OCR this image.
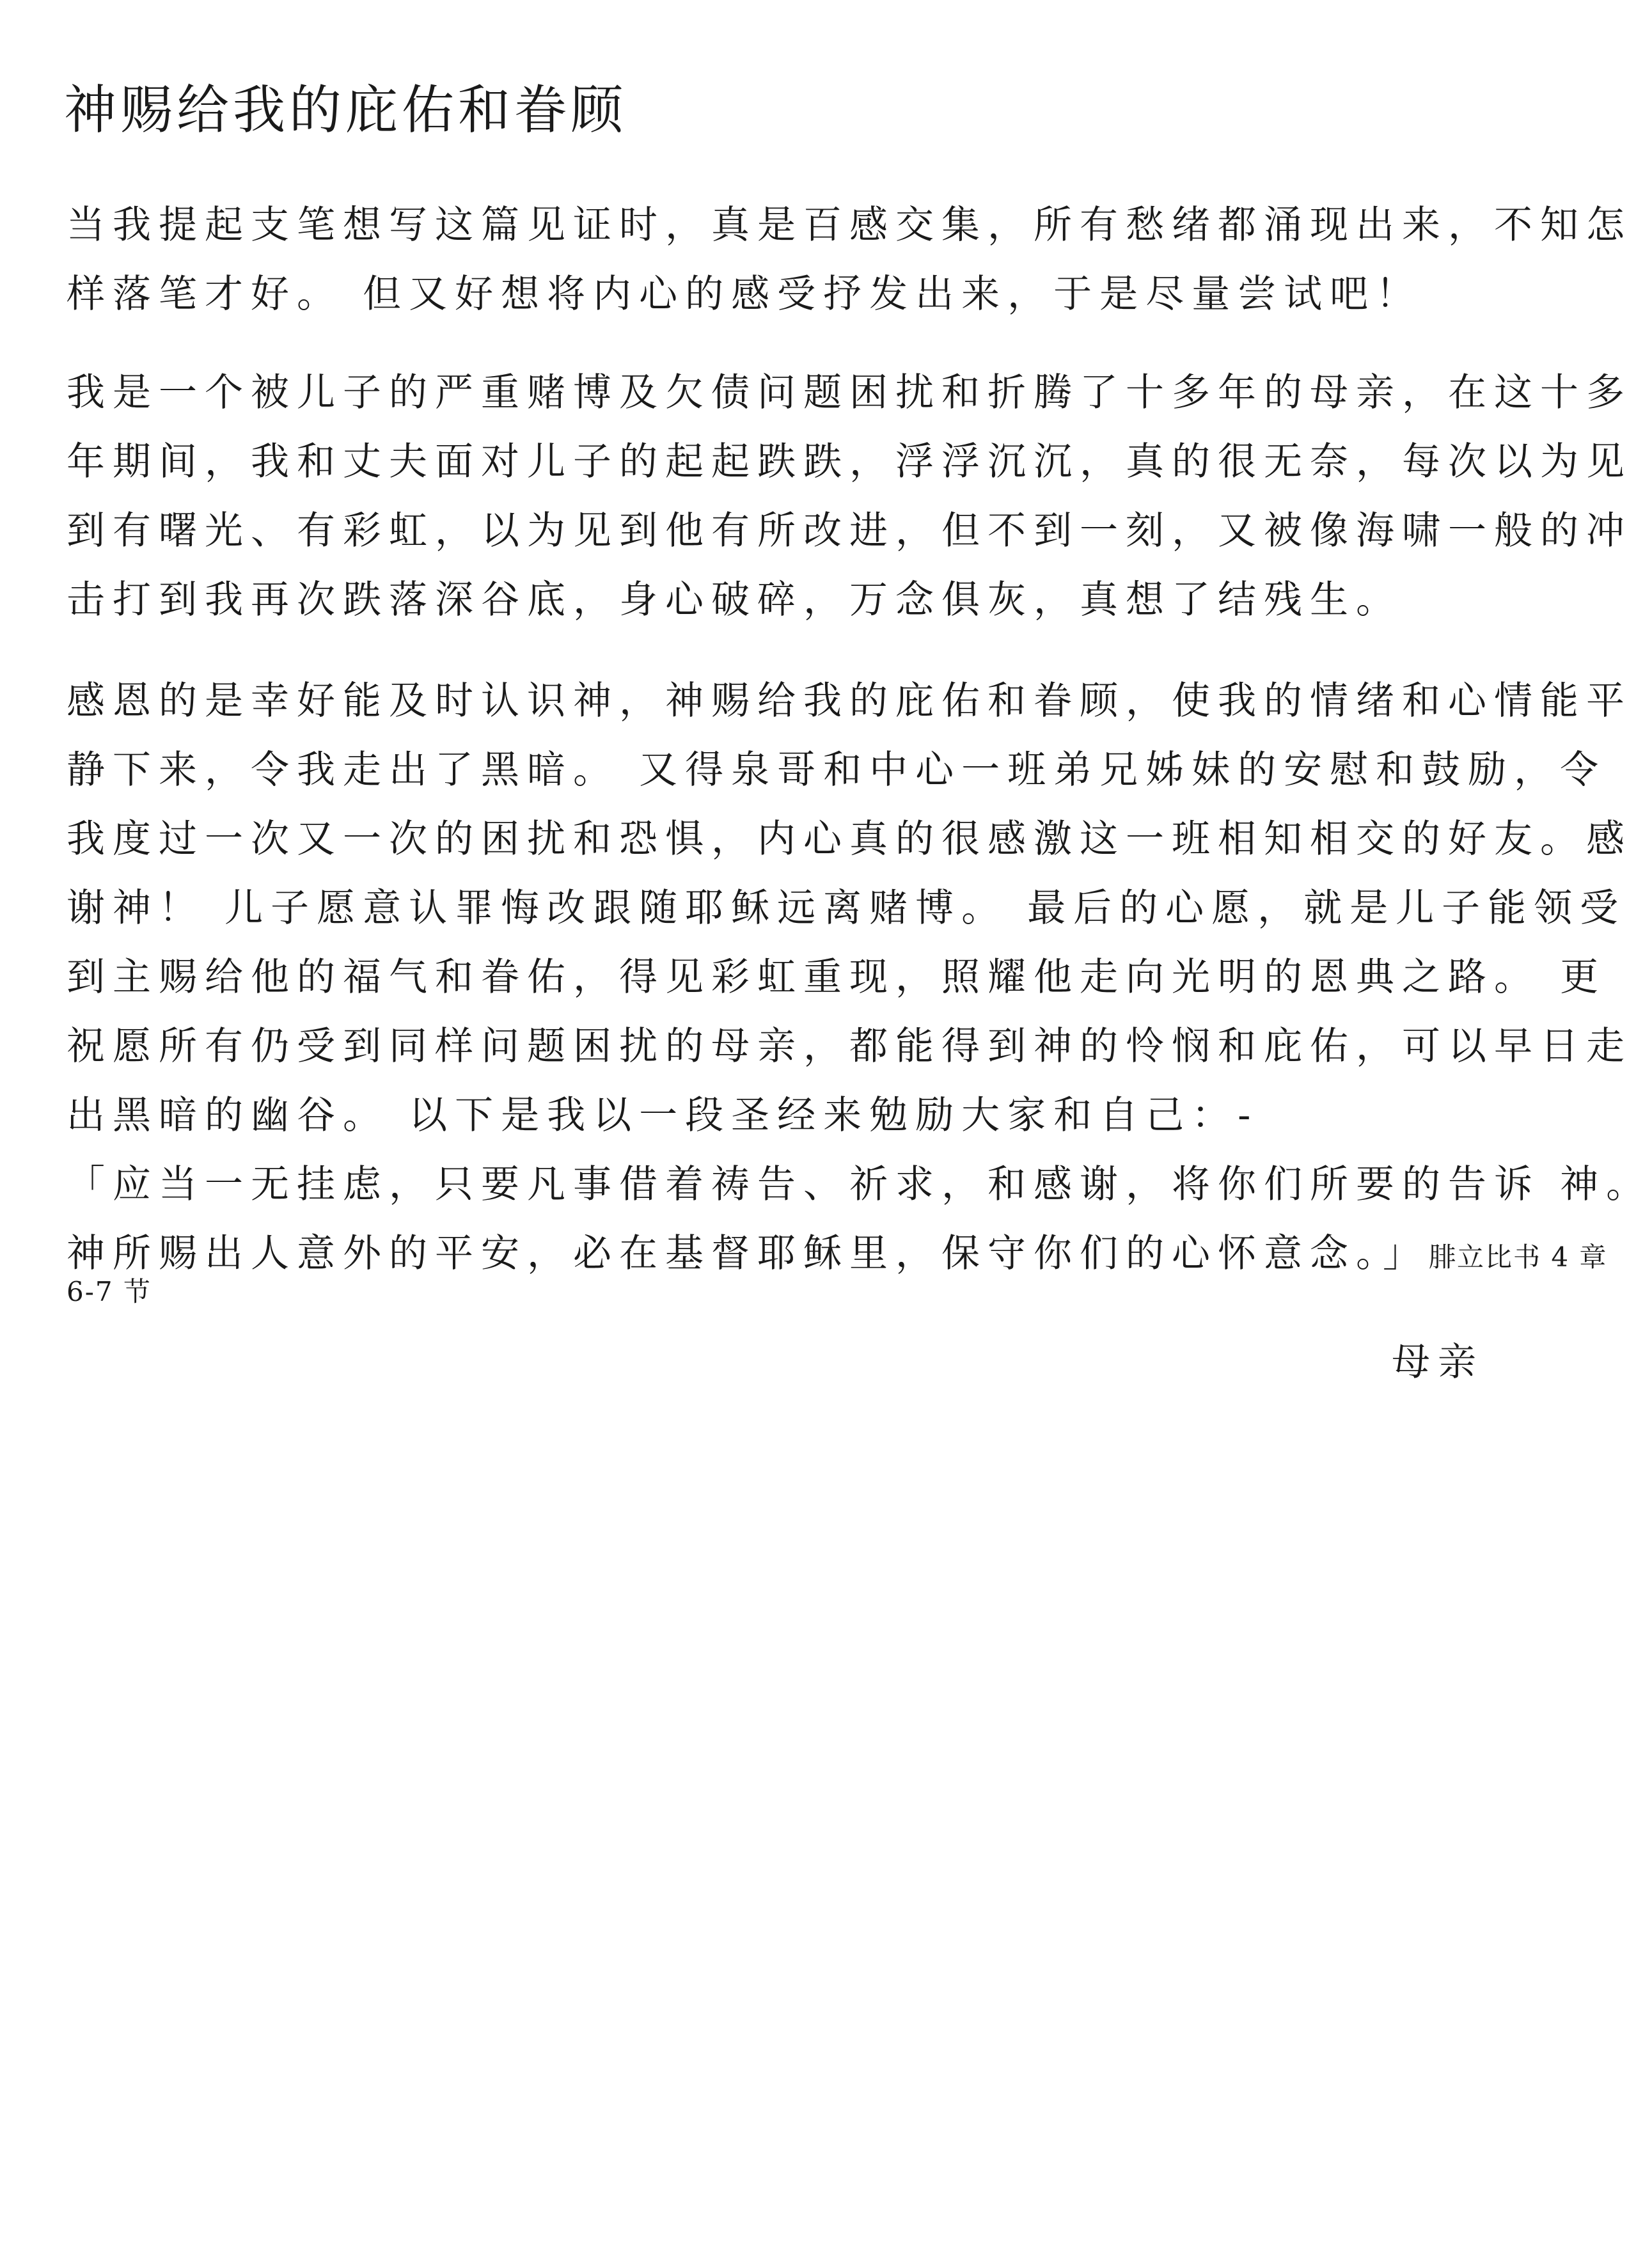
神赐给我的庇佑和眷顾
当我提起支笔想写这篇见证时，真是百感交集，所有愁绪都涌现出来，不知怎
样落笔才好。 但又好想将内心的感受抒发出来，于是尽量尝试吧！
我是一个被儿子的严重赌博及欠债问题困扰和折腾了十多年的母亲，在这十多
年期间，我和丈夫面对儿子的起起跌跌，浮浮沉沉，真的很无奈，每次以为见
到有曙光、有彩虹，以为见到他有所改进，但不到一刻，又被像海啸一般的冲
击打到我再次跌落深谷底，身心破碎，万念俱灰，真想了结残生。
感恩的是幸好能及时认识神，神赐给我的庇佑和眷顾，使我的情绪和心情能平
静下来，令我走出了黑暗。 又得泉哥和中心一班弟兄姊妹的安慰和鼓励，令
我度过一次又一次的困扰和恐惧，内心真的很感激这一班相知相交的好友。感
谢神！ 儿子愿意认罪悔改跟随耶稣远离赌博。 最后的心愿，就是儿子能领受
到主赐给他的福气和眷佑，得见彩虹重现，照耀他走向光明的恩典之路。 更
祝愿所有仍受到同样问题困扰的母亲，都能得到神的怜悯和庇佑，可以早日走
出黑暗的幽谷。 以下是我以一段圣经来勉励大家和自己：-
「应当一无挂虑，只要凡事借着祷告、祈求，和感谢，将你们所要的告诉 神。
神所赐出人意外的平安，必在基督耶稣里，保守你们的心怀意念。」腓立比书 4 章
6-7 节
母亲
